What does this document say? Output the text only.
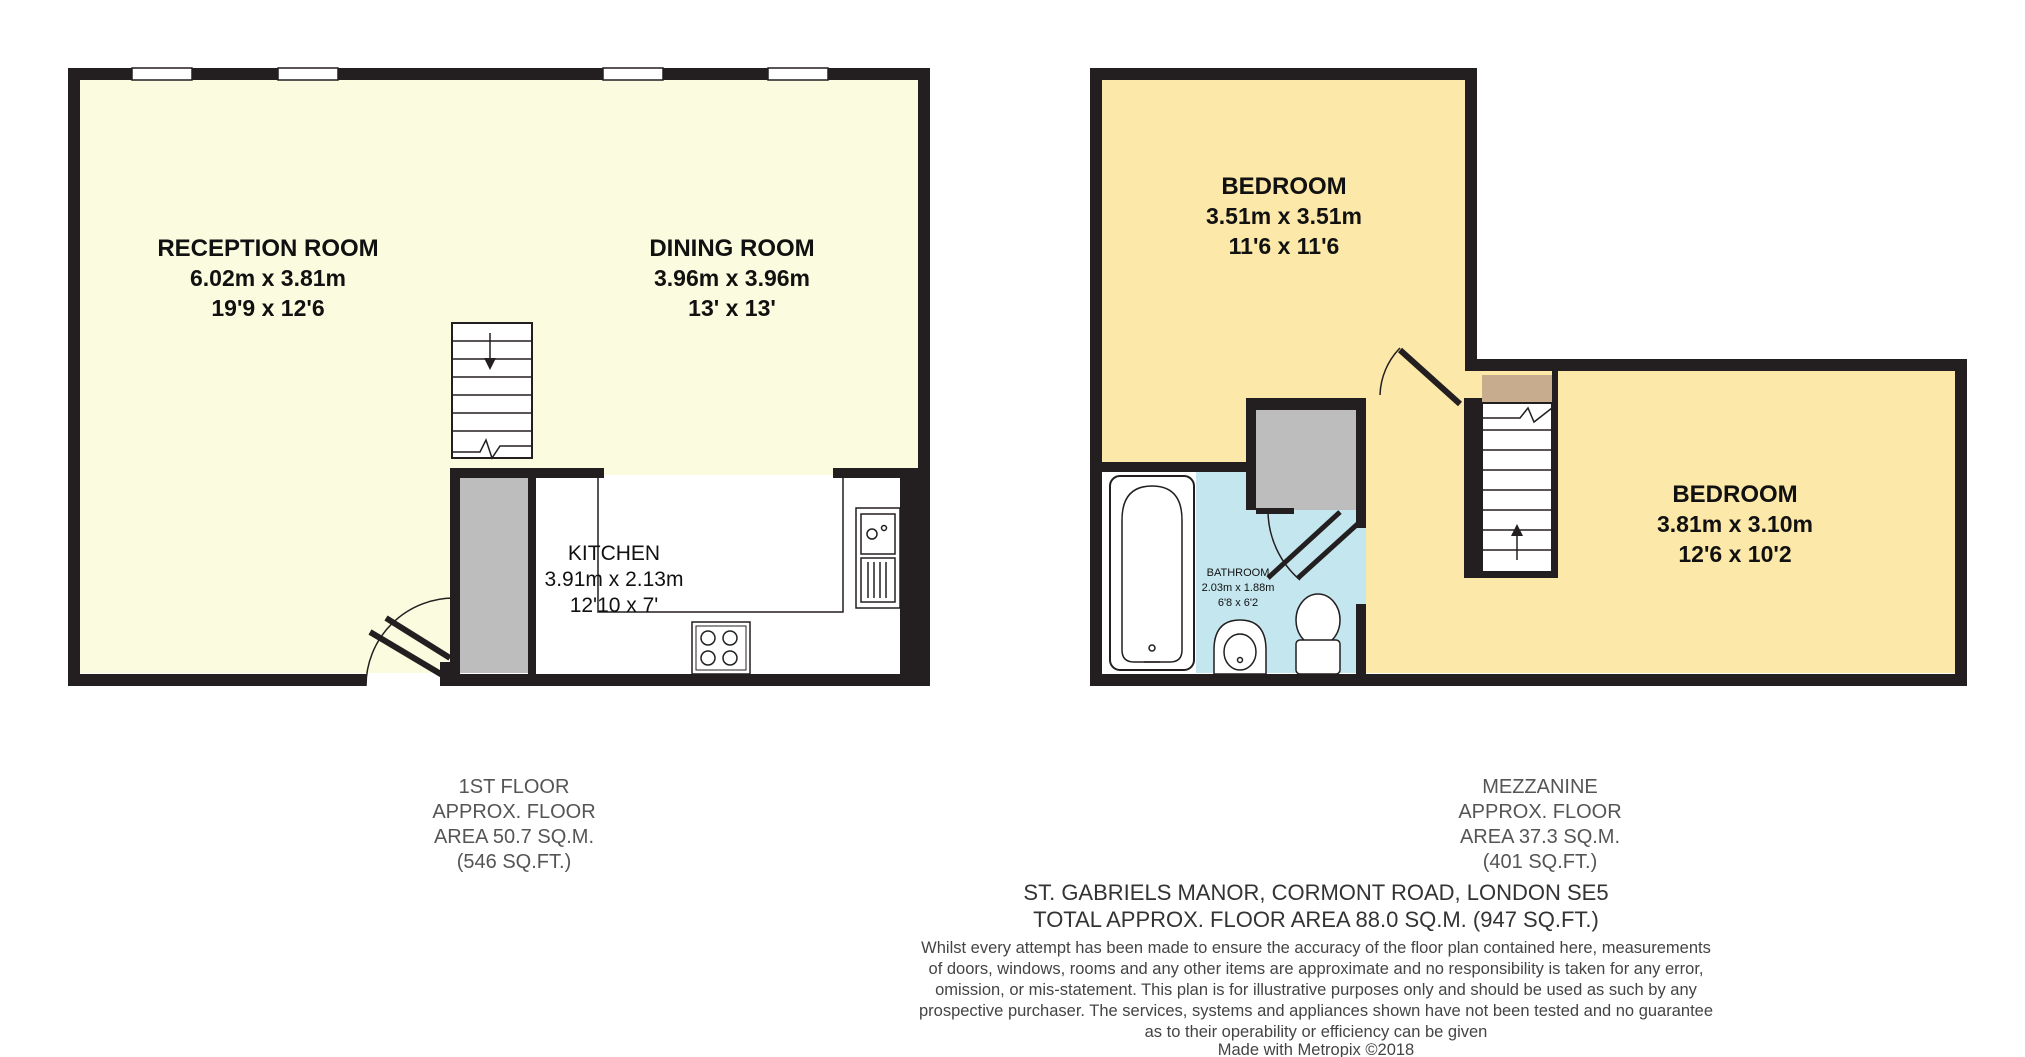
RECEPTION ROOM
6.02m x 3.81m
19'9 x 12'6
DINING ROOM
3.96m x 3.96m
13' x 13'
KITCHEN
3.91m x 2.13m
12'10 x 7'
BEDROOM
3.51m x 3.51m
11'6 x 11'6
BEDROOM
3.81m x 3.10m
12'6 x 10'2
BATHROOM
2.03m x 1.88m
6'8 x 6'2
1ST FLOOR
APPROX. FLOOR
AREA 50.7 SQ.M.
(546 SQ.FT.)
MEZZANINE
APPROX. FLOOR
AREA 37.3 SQ.M.
(401 SQ.FT.)
ST. GABRIELS MANOR, CORMONT ROAD, LONDON SE5
TOTAL APPROX. FLOOR AREA 88.0 SQ.M. (947 SQ.FT.)
Whilst every attempt has been made to ensure the accuracy of the floor plan contained here, measurements
of doors, windows, rooms and any other items are approximate and no responsibility is taken for any error,
omission, or mis-statement. This plan is for illustrative purposes only and should be used as such by any
prospective purchaser. The services, systems and appliances shown have not been tested and no guarantee
as to their operability or efficiency can be given
Made with Metropix ©2018
